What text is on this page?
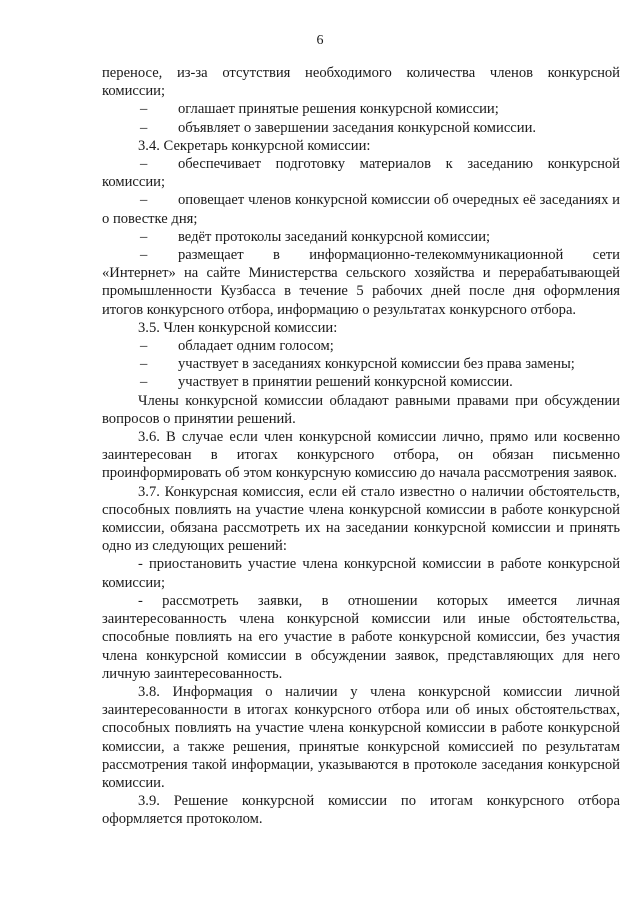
6

переносе, из-за отсутствия необходимого количества членов конкурсной комиссии;

– оглашает принятые решения конкурсной комиссии;

– объявляет о завершении заседания конкурсной комиссии.

3.4. Секретарь конкурсной комиссии:

– обеспечивает подготовку материалов к заседанию конкурсной комиссии;

– оповещает членов конкурсной комиссии об очередных её заседаниях и о повестке дня;

– ведёт протоколы заседаний конкурсной комиссии;

– размещает в информационно-телекоммуникационной сети «Интернет» на сайте Министерства сельского хозяйства и перерабатывающей промышленности Кузбасса в течение 5 рабочих дней после дня оформления итогов конкурсного отбора, информацию о результатах конкурсного отбора.

3.5. Член конкурсной комиссии:

– обладает одним голосом;

– участвует в заседаниях конкурсной комиссии без права замены;

– участвует в принятии решений конкурсной комиссии.

Члены конкурсной комиссии обладают равными правами при обсуждении вопросов о принятии решений.

3.6. В случае если член конкурсной комиссии лично, прямо или косвенно заинтересован в итогах конкурсного отбора, он обязан письменно проинформировать об этом конкурсную комиссию до начала рассмотрения заявок.

3.7. Конкурсная комиссия, если ей стало известно о наличии обстоятельств, способных повлиять на участие члена конкурсной комиссии в работе конкурсной комиссии, обязана рассмотреть их на заседании конкурсной комиссии и принять одно из следующих решений:

- приостановить участие члена конкурсной комиссии в работе конкурсной комиссии;

- рассмотреть заявки, в отношении которых имеется личная заинтересованность члена конкурсной комиссии или иные обстоятельства, способные повлиять на его участие в работе конкурсной комиссии, без участия члена конкурсной комиссии в обсуждении заявок, представляющих для него личную заинтересованность.

3.8. Информация о наличии у члена конкурсной комиссии личной заинтересованности в итогах конкурсного отбора или об иных обстоятельствах, способных повлиять на участие члена конкурсной комиссии в работе конкурсной комиссии, а также решения, принятые конкурсной комиссией по результатам рассмотрения такой информации, указываются в протоколе заседания конкурсной комиссии.

3.9. Решение конкурсной комиссии по итогам конкурсного отбора оформляется протоколом.
